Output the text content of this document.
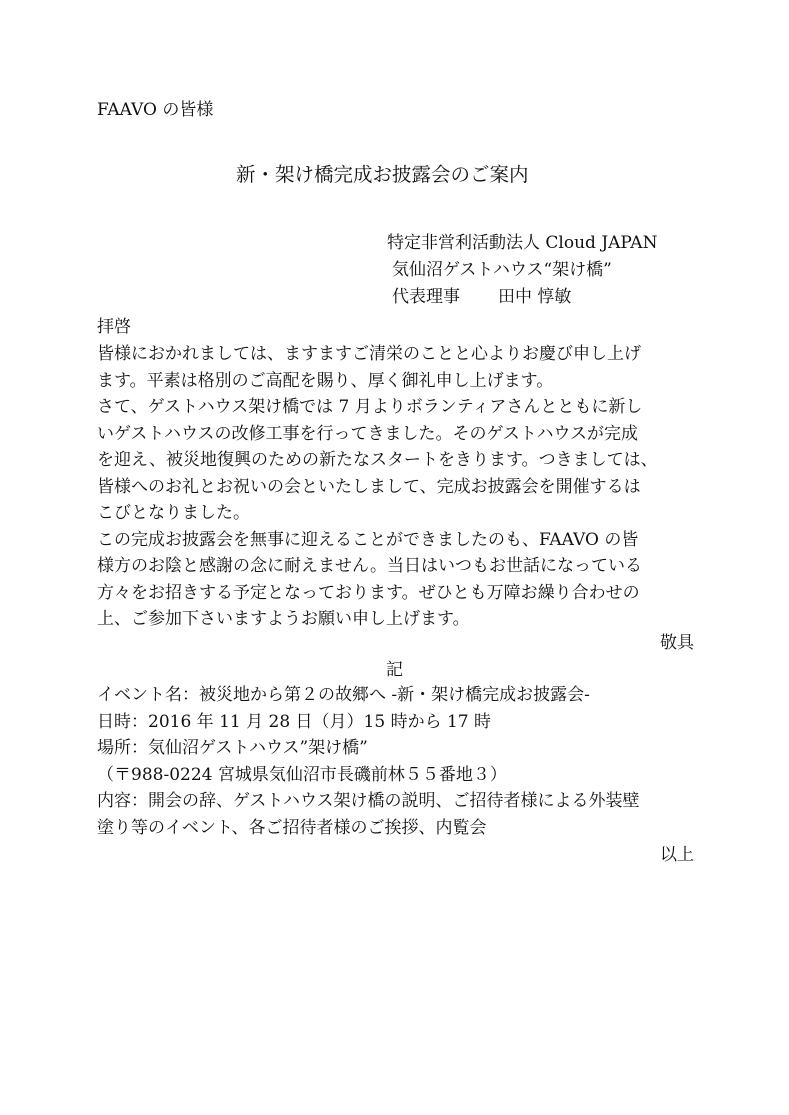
FAAVO の皆様
新・架け橋完成お披露会のご案内
特定非営利活動法人 Cloud JAPAN
気仙沼ゲストハウス“架け橋”
代表理事 田中 惇敏
拝啓
皆様におかれましては、ますますご清栄のことと心よりお慶び申し上げ
ます。平素は格別のご高配を賜り、厚く御礼申し上げます。
さて、ゲストハウス架け橋では 7 月よりボランティアさんとともに新し
いゲストハウスの改修工事を行ってきました。そのゲストハウスが完成
を迎え、被災地復興のための新たなスタートをきります。つきましては、
皆様へのお礼とお祝いの会といたしまして、完成お披露会を開催するは
こびとなりました。
この完成お披露会を無事に迎えることができましたのも、FAAVO の皆
様方のお陰と感謝の念に耐えません。当日はいつもお世話になっている
方々をお招きする予定となっております。ぜひとも万障お繰り合わせの
上、ご参加下さいますようお願い申し上げます。
敬具
記
イベント名：被災地から第２の故郷へ -新・架け橋完成お披露会-
日時：2016 年 11 月 28 日（月）15 時から 17 時
場所：気仙沼ゲストハウス”架け橋”
（〒988-0224 宮城県気仙沼市長磯前林５５番地３）
内容：開会の辞、ゲストハウス架け橋の説明、ご招待者様による外装壁
塗り等のイベント、各ご招待者様のご挨拶、内覧会
以上
